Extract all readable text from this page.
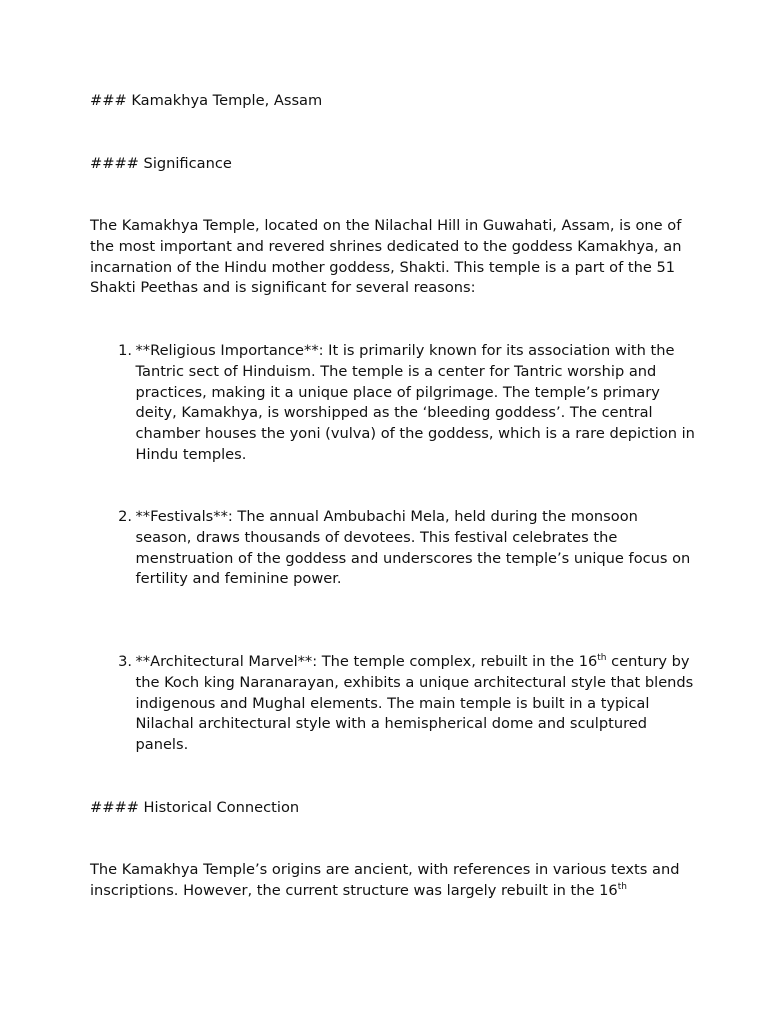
### Kamakhya Temple, Assam
#### Significance
The Kamakhya Temple, located on the Nilachal Hill in Guwahati, Assam, is one of the most important and revered shrines dedicated to the goddess Kamakhya, an incarnation of the Hindu mother goddess, Shakti. This temple is a part of the 51 Shakti Peethas and is significant for several reasons:
1. **Religious Importance**: It is primarily known for its association with the Tantric sect of Hinduism. The temple is a center for Tantric worship and practices, making it a unique place of pilgrimage. The temple’s primary deity, Kamakhya, is worshipped as the ‘bleeding goddess’. The central chamber houses the yoni (vulva) of the goddess, which is a rare depiction in Hindu temples.
2. **Festivals**: The annual Ambubachi Mela, held during the monsoon season, draws thousands of devotees. This festival celebrates the menstruation of the goddess and underscores the temple’s unique focus on fertility and feminine power.
3. **Architectural Marvel**: The temple complex, rebuilt in the 16th century by the Koch king Naranarayan, exhibits a unique architectural style that blends indigenous and Mughal elements. The main temple is built in a typical Nilachal architectural style with a hemispherical dome and sculptured panels.
#### Historical Connection
The Kamakhya Temple’s origins are ancient, with references in various texts and inscriptions. However, the current structure was largely rebuilt in the 16th
